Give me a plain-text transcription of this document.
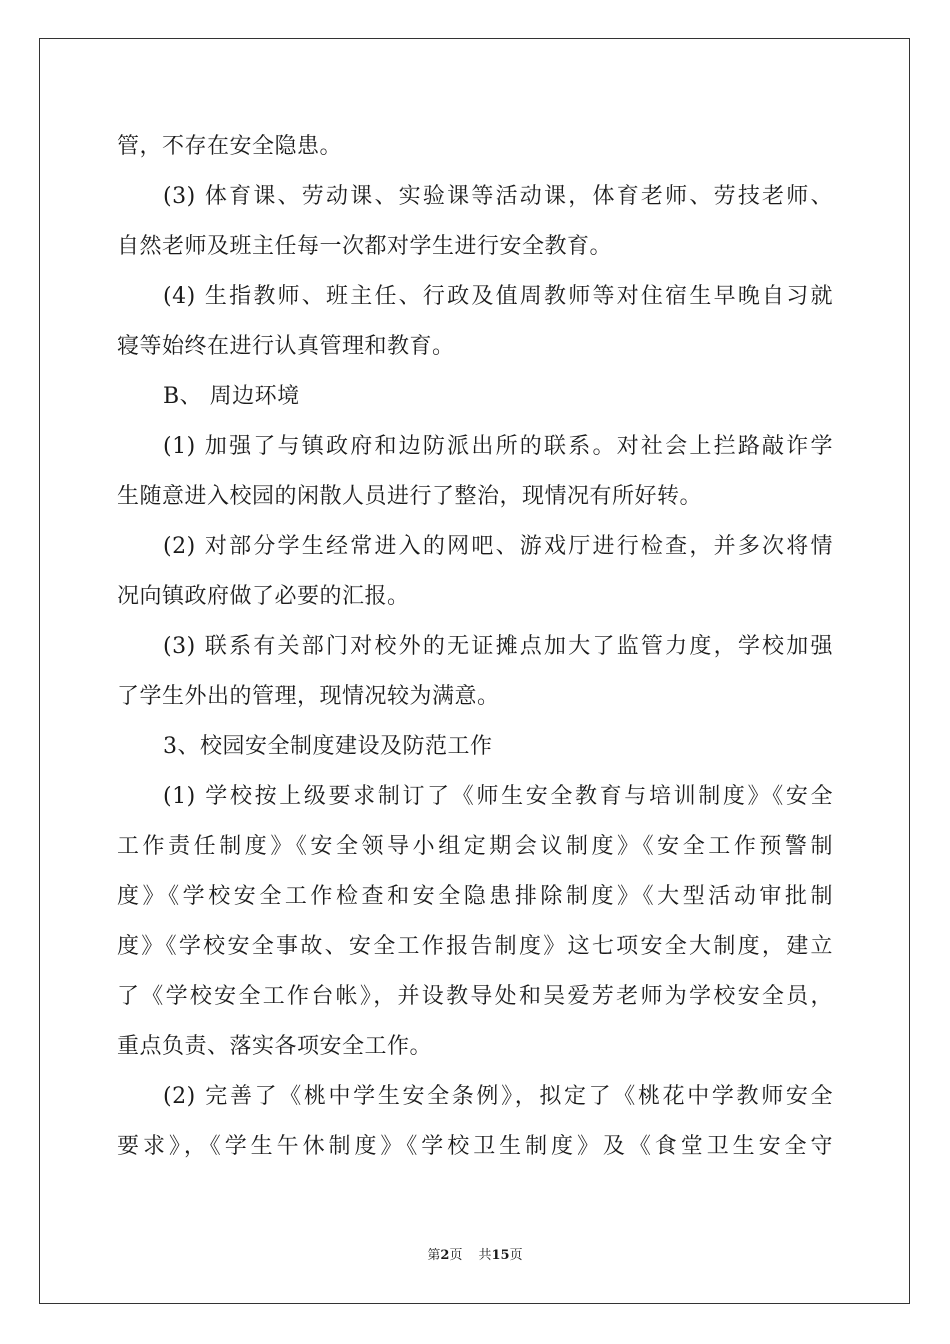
管，不存在安全隐患。
(3) 体育课、劳动课、实验课等活动课，体育老师、劳技老师、
自然老师及班主任每一次都对学生进行安全教育。
(4) 生指教师、班主任、行政及值周教师等对住宿生早晚自习就
寝等始终在进行认真管理和教育。
B、 周边环境
(1) 加强了与镇政府和边防派出所的联系。对社会上拦路敲诈学
生随意进入校园的闲散人员进行了整治，现情况有所好转。
(2) 对部分学生经常进入的网吧、游戏厅进行检查，并多次将情
况向镇政府做了必要的汇报。
(3) 联系有关部门对校外的无证摊点加大了监管力度，学校加强
了学生外出的管理，现情况较为满意。
3、校园安全制度建设及防范工作
(1) 学校按上级要求制订了《师生安全教育与培训制度》《安全
工作责任制度》《安全领导小组定期会议制度》《安全工作预警制
度》《学校安全工作检查和安全隐患排除制度》《大型活动审批制
度》《学校安全事故、安全工作报告制度》这七项安全大制度，建立
了《学校安全工作台帐》，并设教导处和吴爱芳老师为学校安全员，
重点负责、落实各项安全工作。
(2) 完善了《桃中学生安全条例》，拟定了《桃花中学教师安全
要求》，《学生午休制度》《学校卫生制度》及《食堂卫生安全守
第2页 共15页
